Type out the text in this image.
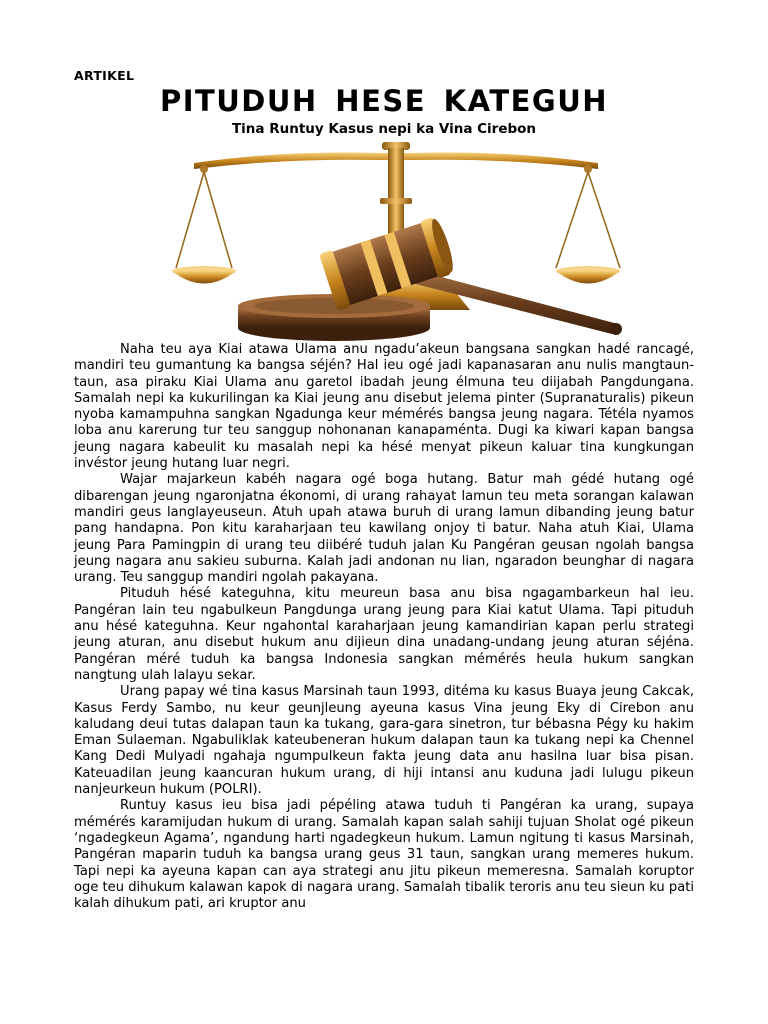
ARTIKEL
PITUDUH HESE KATEGUH
Tina Runtuy Kasus nepi ka Vina Cirebon

Naha teu aya Kiai atawa Ulama anu ngadu’akeun bangsana sangkan hadé rancagé, mandiri teu gumantung ka bangsa séjén? Hal ieu ogé jadi kapanasaran anu nulis mangtaun-taun, asa piraku Kiai Ulama anu garetol ibadah jeung élmuna teu diijabah Pangdungana. Samalah nepi ka kukurilingan ka Kiai jeung anu disebut jelema pinter (Supranaturalis) pikeun nyoba kamampuhna sangkan Ngadunga keur mémérés bangsa jeung nagara. Tétéla nyamos loba anu karerung tur teu sanggup nohonanan kanapaménta. Dugi ka kiwari kapan bangsa jeung nagara kabeulit ku masalah nepi ka hésé menyat pikeun kaluar tina kungkungan invéstor jeung hutang luar negri.

Wajar majarkeun kabéh nagara ogé boga hutang. Batur mah gédé hutang ogé dibarengan jeung ngaronjatna ékonomi, di urang rahayat lamun teu meta sorangan kalawan mandiri geus langlayeuseun. Atuh upah atawa buruh di urang lamun dibanding jeung batur pang handapna. Pon kitu karaharjaan teu kawilang onjoy ti batur. Naha atuh Kiai, Ulama jeung Para Pamingpin di urang teu diibéré tuduh jalan Ku Pangéran geusan ngolah bangsa jeung nagara anu sakieu suburna. Kalah jadi andonan nu lian, ngaradon beunghar di nagara urang. Teu sanggup mandiri ngolah pakayana.

Pituduh hésé kateguhna, kitu meureun basa anu bisa ngagambarkeun hal ieu. Pangéran lain teu ngabulkeun Pangdunga urang jeung para Kiai katut Ulama. Tapi pituduh anu hésé kateguhna. Keur ngahontal karaharjaan jeung kamandirian kapan perlu strategi jeung aturan, anu disebut hukum anu dijieun dina unadang-undang jeung aturan séjéna. Pangéran méré tuduh ka bangsa Indonesia sangkan mémérés heula hukum sangkan nangtung ulah lalayu sekar.

Urang papay wé tina kasus Marsinah taun 1993, ditéma ku kasus Buaya jeung Cakcak, Kasus Ferdy Sambo, nu keur geunjleung ayeuna kasus Vina jeung Eky di Cirebon anu kaludang deui tutas dalapan taun ka tukang, gara-gara sinetron, tur bébasna Pégy ku hakim Eman Sulaeman. Ngabuliklak kateubeneran hukum dalapan taun ka tukang nepi ka Chennel Kang Dedi Mulyadi ngahaja ngumpulkeun fakta jeung data anu hasilna luar bisa pisan. Kateuadilan jeung kaancuran hukum urang, di hiji intansi anu kuduna jadi lulugu pikeun nanjeurkeun hukum (POLRI).

Runtuy kasus ieu bisa jadi pépéling atawa tuduh ti Pangéran ka urang, supaya mémérés karamijudan hukum di urang. Samalah kapan salah sahiji tujuan Sholat ogé pikeun ‘ngadegkeun Agama’, ngandung harti ngadegkeun hukum. Lamun ngitung ti kasus Marsinah, Pangéran maparin tuduh ka bangsa urang geus 31 taun, sangkan urang memeres hukum. Tapi nepi ka ayeuna kapan can aya strategi anu jitu pikeun memeresna. Samalah koruptor oge teu dihukum kalawan kapok di nagara urang. Samalah tibalik teroris anu teu sieun ku pati kalah dihukum pati, ari kruptor anu
